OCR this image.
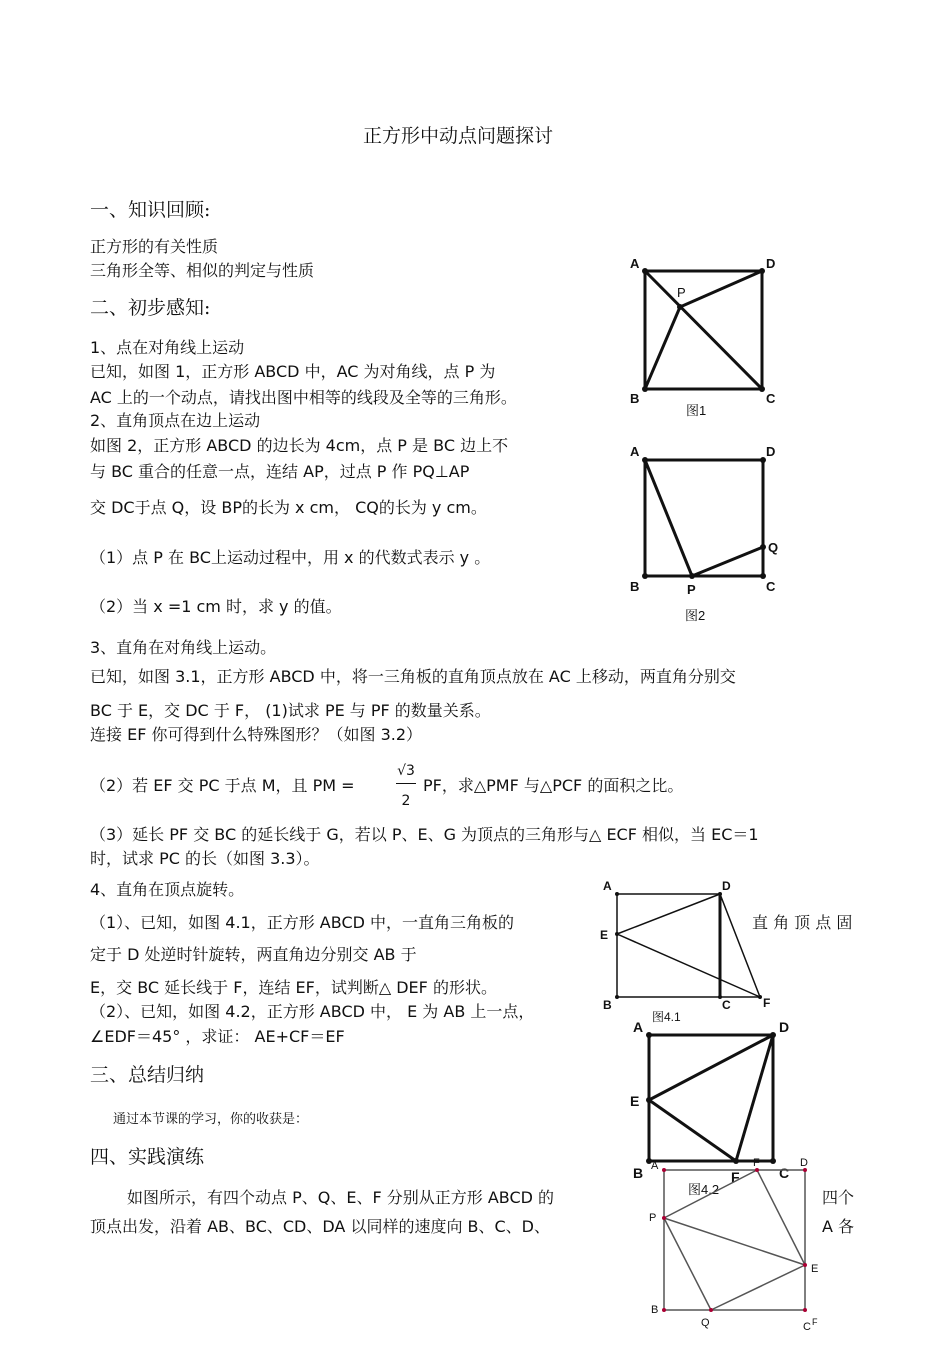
正方形中动点问题探讨
一、知识回顾:
正方形的有关性质
三角形全等、相似的判定与性质
二、初步感知:
1、点在对角线上运动
已知，如图 1，正方形 ABCD 中，AC 为对角线，点 P 为
AC 上的一个动点，请找出图中相等的线段及全等的三角形。
2、直角顶点在边上运动
如图 2，正方形 ABCD 的边长为 4cm，点 P 是 BC 边上不
与 BC 重合的任意一点，连结 AP，过点 P 作 PQ⊥AP
交 DC于点 Q，设 BP的长为 x cm， CQ的长为 y cm。
（1）点 P 在 BC上运动过程中，用 x 的代数式表示 y 。
（2）当 x =1 cm 时，求 y 的值。
3、直角在对角线上运动。
已知，如图 3.1，正方形 ABCD 中，将一三角板的直角顶点放在 AC 上移动，两直角分别交
BC 于 E，交 DC 于 F， (1)试求 PE 与 PF 的数量关系。
连接 EF 你可得到什么特殊图形？（如图 3.2）
（2）若 EF 交 PC 于点 M，且 PM =
√3
2
PF，求△PMF 与△PCF 的面积之比。
（3）延长 PF 交 BC 的延长线于 G，若以 P、E、G 为顶点的三角形与△ ECF 相似，当 EC＝1
时，试求 PC 的长（如图 3.3）。
4、直角在顶点旋转。
（1）、已知，如图 4.1，正方形 ABCD 中，一直角三角板的	直 角 顶 点 固
定于 D 处逆时针旋转，两直角边分别交 AB 于
E，交 BC 延长线于 F，连结 EF，试判断△ DEF 的形状。
（2）、已知，如图 4.2，正方形 ABCD 中， E 为 AB 上一点，
∠EDF＝45° ，求证： AE+CF＝EF
三、总结归纳
通过本节课的学习，你的收获是：
四、实践演练
如图所示，有四个动点 P、Q、E、F 分别从正方形 ABCD 的	四个
顶点出发，沿着 AB、BC、CD、DA 以同样的速度向 B、C、D、	A 各
A	D
B	C
P
图1
A	D
B	C
P
Q
图2
A	D
E
B	C	F
图4.1
A	D
E
B	C
F
图4.2
A	F	D
P
E
B
Q	C F
